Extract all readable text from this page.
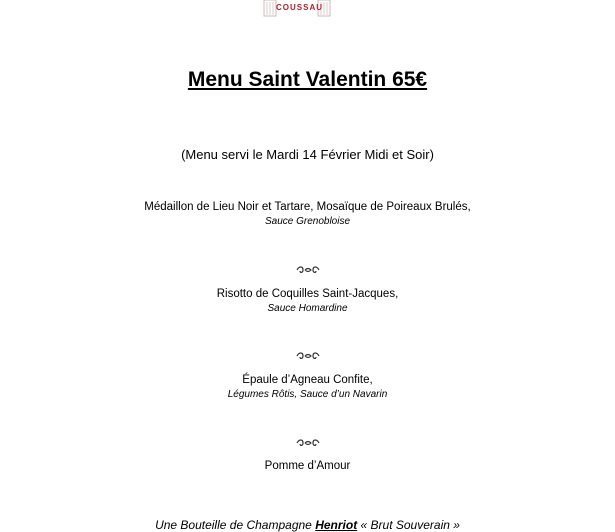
COUSSAU
Menu Saint Valentin 65€
(Menu servi le Mardi 14 Février Midi et Soir)
Médaillon de Lieu Noir et Tartare, Mosaïque de Poireaux Brulés,
Sauce Grenobloise
Risotto de Coquilles Saint-Jacques,
Sauce Homardine
Épaule d’Agneau Confite,
Légumes Rôtis, Sauce d’un Navarin
Pomme d’Amour
Une Bouteille de Champagne Henriot « Brut Souverain »
